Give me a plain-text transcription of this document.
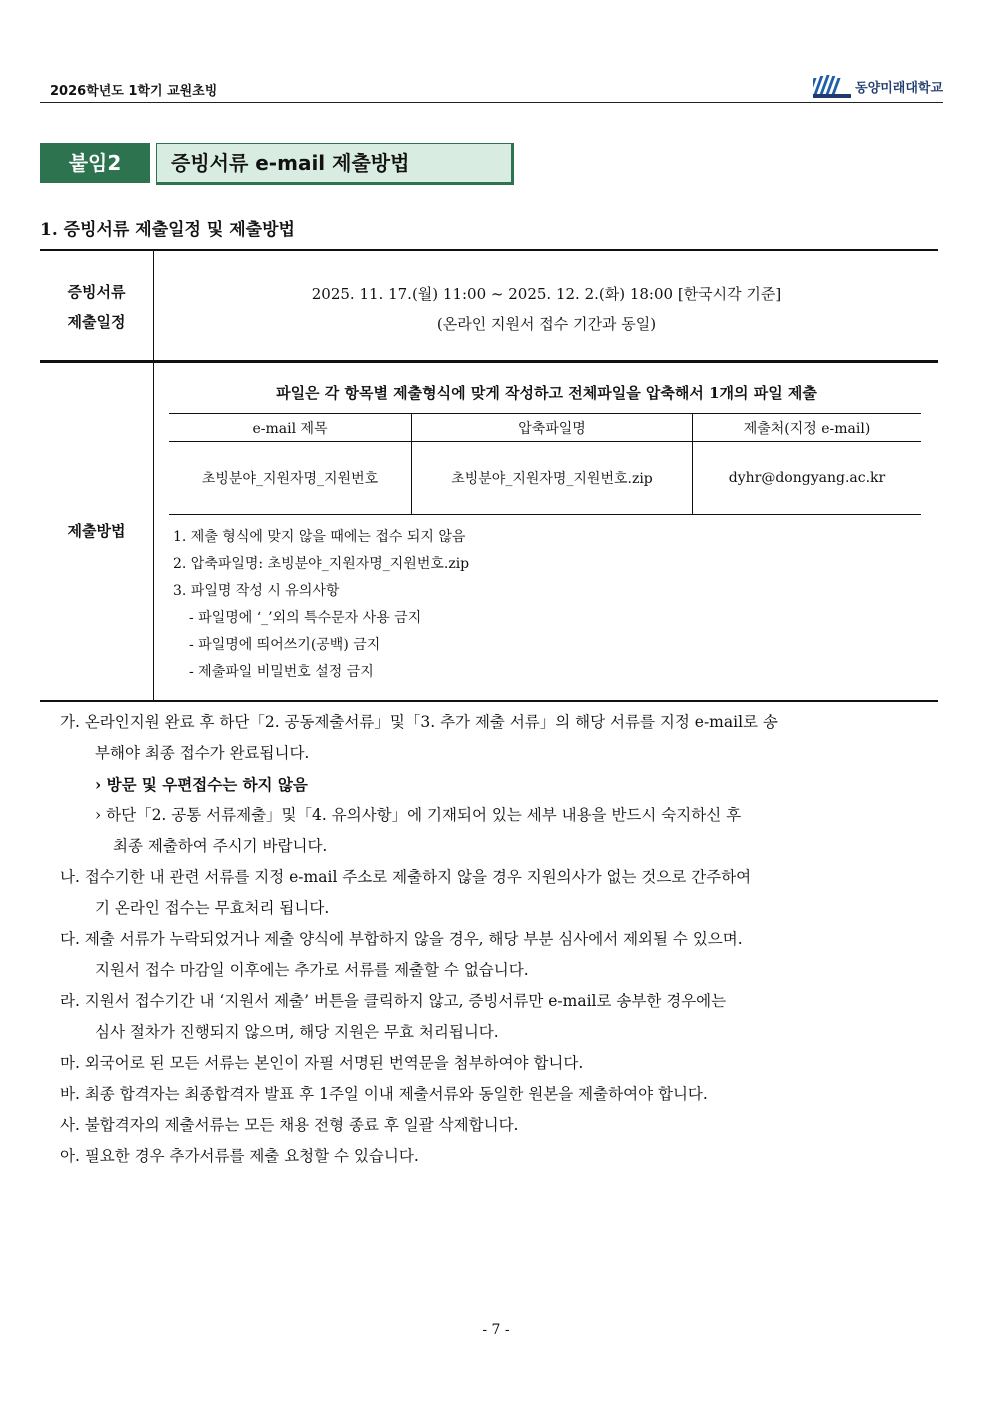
2026학년도 1학기 교원초빙	동양미래대학교
붙임2	증빙서류 e-mail 제출방법
1. 증빙서류 제출일정 및 제출방법
증빙서류
제출일정
2025. 11. 17.(월) 11:00 ~ 2025. 12. 2.(화) 18:00 [한국시각 기준]
(온라인 지원서 접수 기간과 동일)
제출방법
파일은 각 항목별 제출형식에 맞게 작성하고 전체파일을 압축해서 1개의 파일 제출
e-mail 제목	압축파일명	제출처(지정 e-mail)
초빙분야_지원자명_지원번호	초빙분야_지원자명_지원번호.zip	dyhr@dongyang.ac.kr
1. 제출 형식에 맞지 않을 때에는 접수 되지 않음
2. 압축파일명: 초빙분야_지원자명_지원번호.zip
3. 파일명 작성 시 유의사항
- 파일명에 ‘_’외의 특수문자 사용 금지
- 파일명에 띄어쓰기(공백) 금지
- 제출파일 비밀번호 설정 금지
가. 온라인지원 완료 후 하단「2. 공동제출서류」및「3. 추가 제출 서류」의 해당 서류를 지정 e-mail로 송
부해야 최종 접수가 완료됩니다.
› 방문 및 우편접수는 하지 않음
› 하단「2. 공통 서류제출」및「4. 유의사항」에 기재되어 있는 세부 내용을 반드시 숙지하신 후
최종 제출하여 주시기 바랍니다.
나. 접수기한 내 관련 서류를 지정 e-mail 주소로 제출하지 않을 경우 지원의사가 없는 것으로 간주하여
기 온라인 접수는 무효처리 됩니다.
다. 제출 서류가 누락되었거나 제출 양식에 부합하지 않을 경우, 해당 부분 심사에서 제외될 수 있으며.
지원서 접수 마감일 이후에는 추가로 서류를 제출할 수 없습니다.
라. 지원서 접수기간 내 ‘지원서 제출’ 버튼을 클릭하지 않고, 증빙서류만 e-mail로 송부한 경우에는
심사 절차가 진행되지 않으며, 해당 지원은 무효 처리됩니다.
마. 외국어로 된 모든 서류는 본인이 자필 서명된 번역문을 첨부하여야 합니다.
바. 최종 합격자는 최종합격자 발표 후 1주일 이내 제출서류와 동일한 원본을 제출하여야 합니다.
사. 불합격자의 제출서류는 모든 채용 전형 종료 후 일괄 삭제합니다.
아. 필요한 경우 추가서류를 제출 요청할 수 있습니다.
- 7 -
